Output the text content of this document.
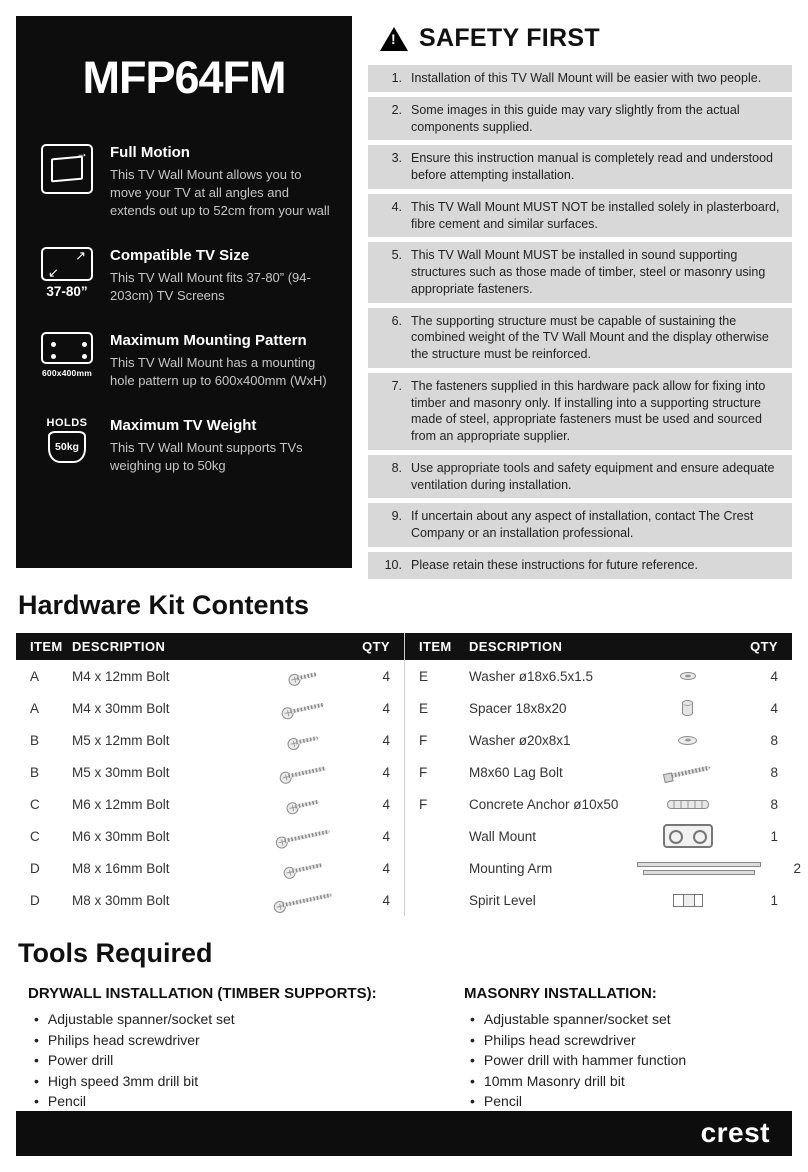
MFP64FM
→
Full Motion
This TV Wall Mount allows you to move your TV at all angles and extends out up to 52cm from your wall
↗ ↙
37-80”
Compatible TV Size
This TV Wall Mount fits 37-80” (94-203cm) TV Screens
600x400mm
Maximum Mounting Pattern
This TV Wall Mount has a mounting hole pattern up to 600x400mm (WxH)
HOLDS
50kg
Maximum TV Weight
This TV Wall Mount supports TVs weighing up to 50kg
!
SAFETY FIRST
1. Installation of this TV Wall Mount will be easier with two people.
2. Some images in this guide may vary slightly from the actual components supplied.
3. Ensure this instruction manual is completely read and understood before attempting installation.
4. This TV Wall Mount MUST NOT be installed solely in plasterboard, fibre cement and similar surfaces.
5. This TV Wall Mount MUST be installed in sound supporting structures such as those made of timber, steel or masonry using appropriate fasteners.
6. The supporting structure must be capable of sustaining the combined weight of the TV Wall Mount and the display otherwise the structure must be reinforced.
7. The fasteners supplied in this hardware pack allow for fixing into timber and masonry only. If installing into a supporting structure made of steel, appropriate fasteners must be used and sourced from an appropriate supplier.
8. Use appropriate tools and safety equipment and ensure adequate ventilation during installation.
9. If uncertain about any aspect of installation, contact The Crest Company or an installation professional.
10. Please retain these instructions for future reference.
Hardware Kit Contents
ITEM DESCRIPTION	QTY
A	M4 x 12mm Bolt	4
A	M4 x 30mm Bolt	4
B	M5 x 12mm Bolt	4
B	M5 x 30mm Bolt	4
C	M6 x 12mm Bolt	4
C	M6 x 30mm Bolt	4
D	M8 x 16mm Bolt	4
D	M8 x 30mm Bolt	4
ITEM	DESCRIPTION	QTY
E	Washer ø18x6.5x1.5	4
E	Spacer 18x8x20	4
F	Washer ø20x8x1	8
F	M8x60 Lag Bolt	8
F	Concrete Anchor ø10x50	8
Wall Mount	1
Mounting Arm	2
Spirit Level	1
Tools Required
DRYWALL INSTALLATION (TIMBER SUPPORTS):
• Adjustable spanner/socket set
• Philips head screwdriver
• Power drill
• High speed 3mm drill bit
• Pencil
MASONRY INSTALLATION:
• Adjustable spanner/socket set
• Philips head screwdriver
• Power drill with hammer function
• 10mm Masonry drill bit
• Pencil
crest
